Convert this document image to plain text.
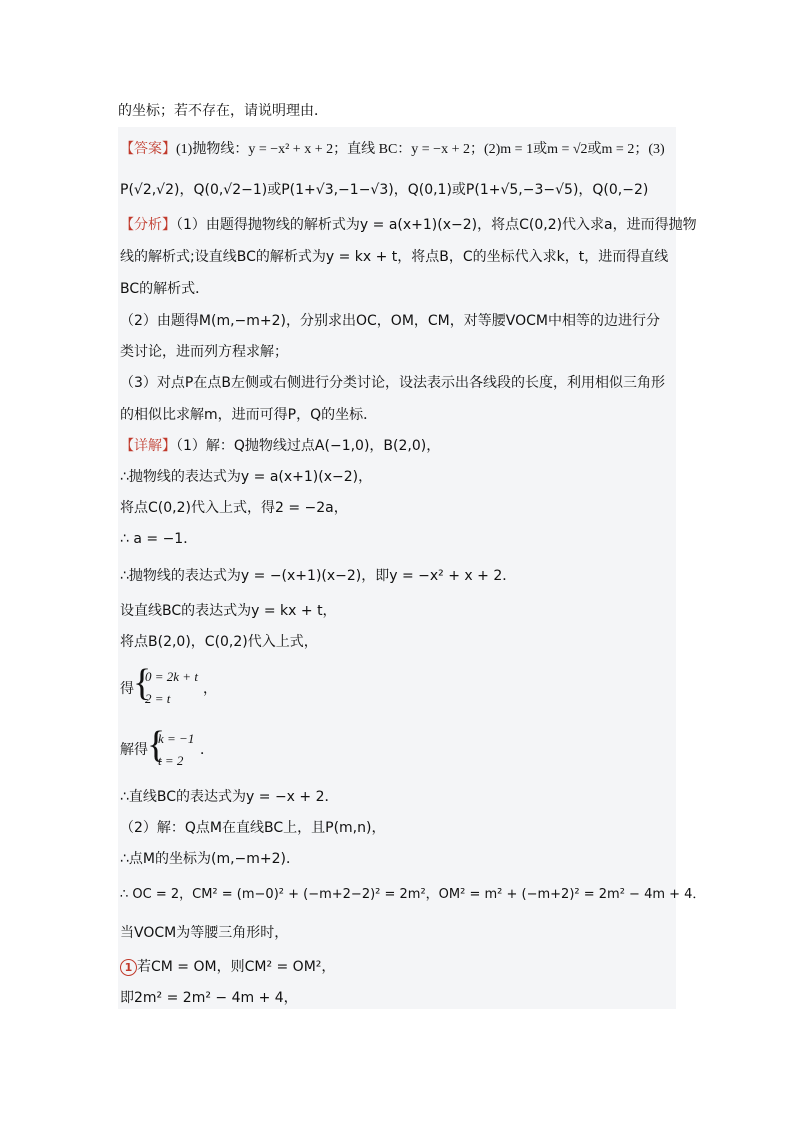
的坐标；若不存在，请说明理由．
【答案】(1)抛物线：y = −x² + x + 2；直线 BC：y = −x + 2；(2)m = 1或m = √2或m = 2；(3)
P(√2,√2)，Q(0,√2−1)或P(1+√3,−1−√3)，Q(0,1)或P(1+√5,−3−√5)，Q(0,−2)
【分析】（1）由题得抛物线的解析式为y = a(x+1)(x−2)，将点C(0,2)代入求a，进而得抛物
线的解析式;设直线BC的解析式为y = kx + t，将点B，C的坐标代入求k，t，进而得直线
BC的解析式．
（2）由题得M(m,−m+2)，分别求出OC，OM，CM，对等腰VOCM中相等的边进行分
类讨论，进而列方程求解；
（3）对点P在点B左侧或右侧进行分类讨论，设法表示出各线段的长度，利用相似三角形
的相似比求解m，进而可得P，Q的坐标．
【详解】（1）解：Q抛物线过点A(−1,0)，B(2,0)，
∴抛物线的表达式为y = a(x+1)(x−2)，
将点C(0,2)代入上式，得2 = −2a，
∴ a = −1．
∴抛物线的表达式为y = −(x+1)(x−2)，即y = −x² + x + 2．
设直线BC的表达式为y = kx + t，
将点B(2,0)，C(0,2)代入上式，
得 {
0 = 2k + t
2 = t
，
解得 {
k = −1
t = 2
．
∴直线BC的表达式为y = −x + 2．
（2）解：Q点M在直线BC上，且P(m,n)，
∴点M的坐标为(m,−m+2)．
∴ OC = 2，CM² = (m−0)² + (−m+2−2)² = 2m²，OM² = m² + (−m+2)² = 2m² − 4m + 4．
当VOCM为等腰三角形时，
1 若CM = OM，则CM² = OM²，
即2m² = 2m² − 4m + 4，
